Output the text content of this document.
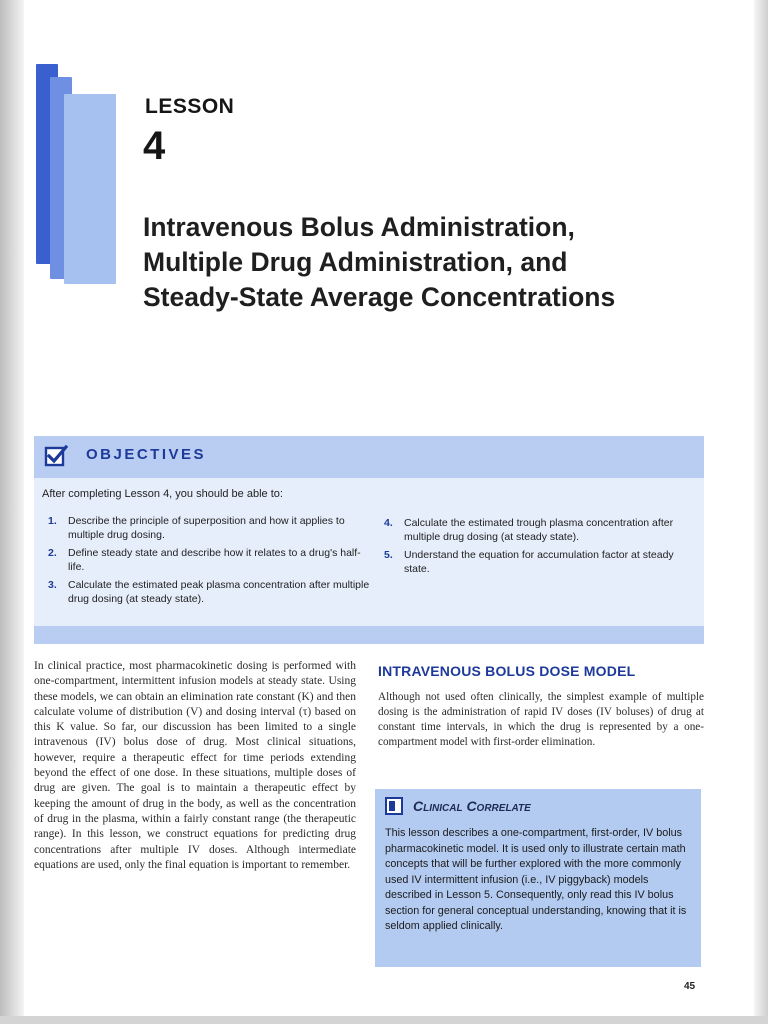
LESSON
4
Intravenous Bolus Administration,
Multiple Drug Administration, and
Steady-State Average Concentrations
OBJECTIVES
After completing Lesson 4, you should be able to:
1. Describe the principle of superposition and how it applies to multiple drug dosing.
2. Define steady state and describe how it relates to a drug's half-life.
3. Calculate the estimated peak plasma concentration after multiple drug dosing (at steady state).
4. Calculate the estimated trough plasma concentration after multiple drug dosing (at steady state).
5. Understand the equation for accumulation factor at steady state.
In clinical practice, most pharmacokinetic dosing is performed with one-compartment, intermittent infusion models at steady state. Using these models, we can obtain an elimination rate constant (K) and then calculate volume of distribution (V) and dosing interval (τ) based on this K value. So far, our discussion has been limited to a single intravenous (IV) bolus dose of drug. Most clinical situations, however, require a therapeutic effect for time periods extending beyond the effect of one dose. In these situations, multiple doses of drug are given. The goal is to maintain a therapeutic effect by keeping the amount of drug in the body, as well as the concentration of drug in the plasma, within a fairly constant range (the therapeutic range). In this lesson, we construct equations for predicting drug concentrations after multiple IV doses. Although intermediate equations are used, only the final equation is important to remember.
INTRAVENOUS BOLUS DOSE MODEL
Although not used often clinically, the simplest example of multiple dosing is the administration of rapid IV doses (IV boluses) of drug at constant time intervals, in which the drug is represented by a one-compartment model with first-order elimination.
Clinical Correlate
This lesson describes a one-compartment, first-order, IV bolus pharmacokinetic model. It is used only to illustrate certain math concepts that will be further explored with the more commonly used IV intermittent infusion (i.e., IV piggyback) models described in Lesson 5. Consequently, only read this IV bolus section for general conceptual understanding, knowing that it is seldom applied clinically.
45
